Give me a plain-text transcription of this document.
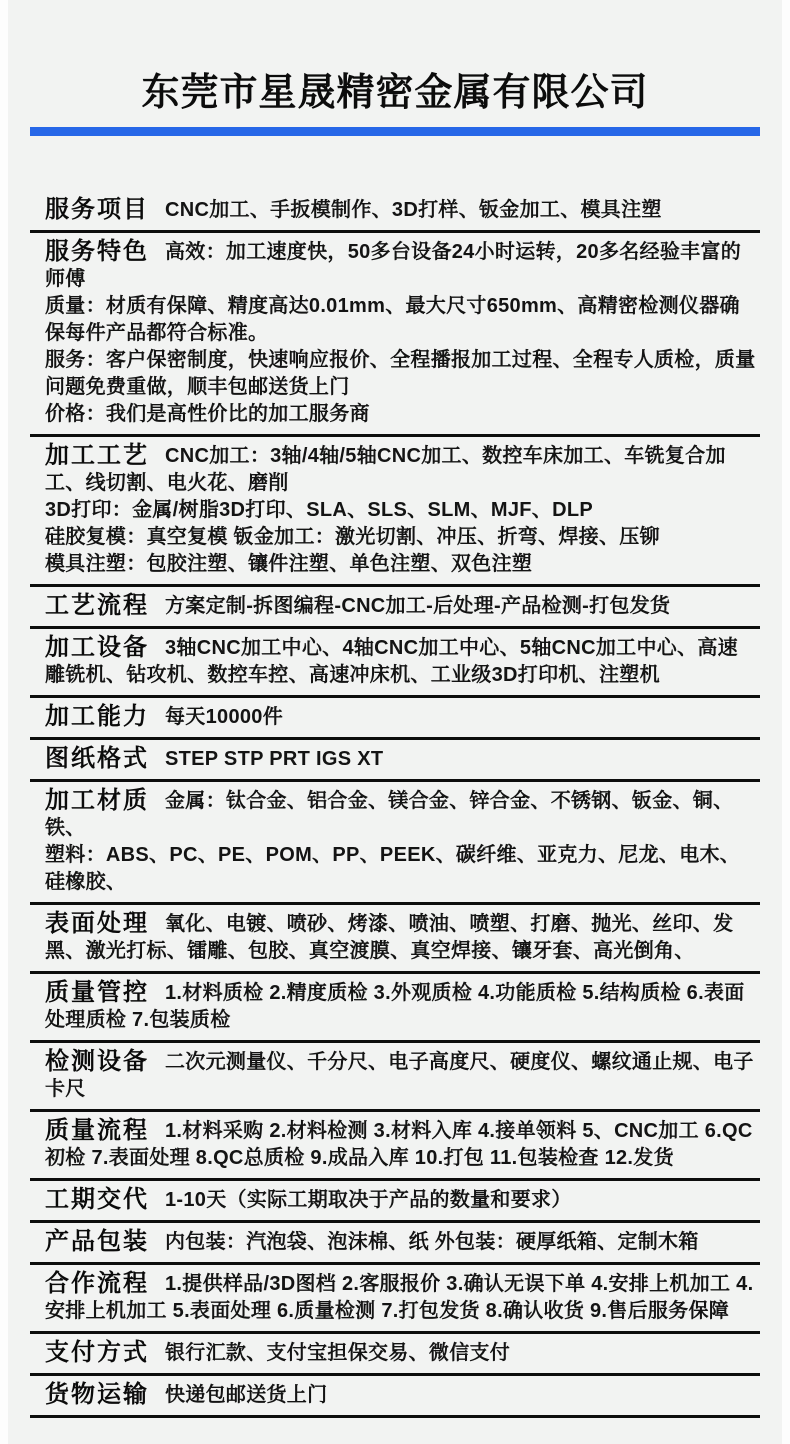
东莞市星晟精密金属有限公司

服务项目 CNC加工、手扳模制作、3D打样、钣金加工、模具注塑

服务特色 高效：加工速度快，50多台设备24小时运转，20多名经验丰富的师傅

质量：材质有保障、精度高达0.01mm、最大尺寸650mm、高精密检测仪器确保每件产品都符合标准。

服务：客户保密制度，快速响应报价、全程播报加工过程、全程专人质检，质量问题免费重做，顺丰包邮送货上门

价格：我们是高性价比的加工服务商

加工工艺 CNC加工：3轴/4轴/5轴CNC加工、数控车床加工、车铣复合加工、线切割、电火花、磨削

3D打印：金属/树脂3D打印、SLA、SLS、SLM、MJF、DLP

硅胶复模：真空复模 钣金加工：激光切割、冲压、折弯、焊接、压铆

模具注塑：包胶注塑、镶件注塑、单色注塑、双色注塑

工艺流程 方案定制-拆图编程-CNC加工-后处理-产品检测-打包发货

加工设备 3轴CNC加工中心、4轴CNC加工中心、5轴CNC加工中心、高速雕铣机、钻攻机、数控车控、高速冲床机、工业级3D打印机、注塑机

加工能力 每天10000件

图纸格式 STEP STP PRT IGS XT

加工材质 金属：钛合金、铝合金、镁合金、锌合金、不锈钢、钣金、铜、铁、

塑料：ABS、PC、PE、POM、PP、PEEK、碳纤维、亚克力、尼龙、电木、硅橡胶、

表面处理 氧化、电镀、喷砂、烤漆、喷油、喷塑、打磨、抛光、丝印、发黑、激光打标、镭雕、包胶、真空渡膜、真空焊接、镶牙套、高光倒角、

质量管控 1.材料质检 2.精度质检 3.外观质检 4.功能质检 5.结构质检 6.表面处理质检 7.包装质检

检测设备 二次元测量仪、千分尺、电子高度尺、硬度仪、螺纹通止规、电子卡尺

质量流程 1.材料采购 2.材料检测 3.材料入库 4.接单领料 5、CNC加工 6.QC初检 7.表面处理 8.QC总质检 9.成品入库 10.打包 11.包装检查 12.发货

工期交代 1-10天（实际工期取决于产品的数量和要求）

产品包装 内包装：汽泡袋、泡沫棉、纸 外包装：硬厚纸箱、定制木箱

合作流程 1.提供样品/3D图档 2.客服报价 3.确认无误下单 4.安排上机加工 4.安排上机加工 5.表面处理 6.质量检测 7.打包发货 8.确认收货 9.售后服务保障

支付方式 银行汇款、支付宝担保交易、微信支付

货物运输 快递包邮送货上门
